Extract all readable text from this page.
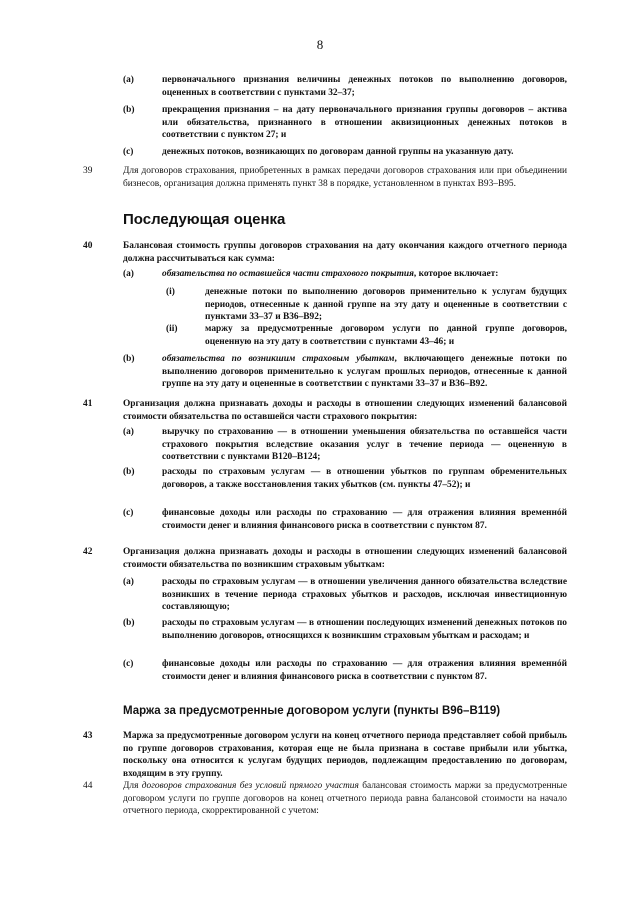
8
(a)	первоначального признания величины денежных потоков по выполнению договоров, оцененных в соответствии с пунктами 32–37;
(b)	прекращения признания – на дату первоначального признания группы договоров – актива или обязательства, признанного в отношении аквизиционных денежных потоков в соответствии с пунктом 27; и
(c)	денежных потоков, возникающих по договорам данной группы на указанную дату.
39	Для договоров страхования, приобретенных в рамках передачи договоров страхования или при объединении бизнесов, организация должна применять пункт 38 в порядке, установленном в пунктах B93–B95.
Последующая оценка
40	Балансовая стоимость группы договоров страхования на дату окончания каждого отчетного периода должна рассчитываться как сумма:
(a)	обязательства по оставшейся части страхового покрытия, которое включает:
(i)	денежные потоки по выполнению договоров применительно к услугам будущих периодов, отнесенные к данной группе на эту дату и оцененные в соответствии с пунктами 33–37 и B36–B92;
(ii)	маржу за предусмотренные договором услуги по данной группе договоров, оцененную на эту дату в соответствии с пунктами 43–46; и
(b)	обязательства по возникшим страховым убыткам, включающего денежные потоки по выполнению договоров применительно к услугам прошлых периодов, отнесенные к данной группе на эту дату и оцененные в соответствии с пунктами 33–37 и B36–B92.
41	Организация должна признавать доходы и расходы в отношении следующих изменений балансовой стоимости обязательства по оставшейся части страхового покрытия:
(a)	выручку по страхованию — в отношении уменьшения обязательства по оставшейся части страхового покрытия вследствие оказания услуг в течение периода — оцененную в соответствии с пунктами B120–B124;
(b)	расходы по страховым услугам — в отношении убытков по группам обременительных договоров, а также восстановления таких убытков (см. пункты 47–52); и
(c)	финансовые доходы или расходы по страхованию — для отражения влияния временнóй стоимости денег и влияния финансового риска в соответствии с пунктом 87.
42	Организация должна признавать доходы и расходы в отношении следующих изменений балансовой стоимости обязательства по возникшим страховым убыткам:
(a)	расходы по страховым услугам — в отношении увеличения данного обязательства вследствие возникших в течение периода страховых убытков и расходов, исключая инвестиционную составляющую;
(b)	расходы по страховым услугам — в отношении последующих изменений денежных потоков по выполнению договоров, относящихся к возникшим страховым убыткам и расходам; и
(c)	финансовые доходы или расходы по страхованию — для отражения влияния временнóй стоимости денег и влияния финансового риска в соответствии с пунктом 87.
Маржа за предусмотренные договором услуги (пункты B96–B119)
43	Маржа за предусмотренные договором услуги на конец отчетного периода представляет собой прибыль по группе договоров страхования, которая еще не была признана в составе прибыли или убытка, поскольку она относится к услугам будущих периодов, подлежащим предоставлению по договорам, входящим в эту группу.
44	Для договоров страхования без условий прямого участия балансовая стоимость маржи за предусмотренные договором услуги по группе договоров на конец отчетного периода равна балансовой стоимости на начало отчетного периода, скорректированной с учетом:
